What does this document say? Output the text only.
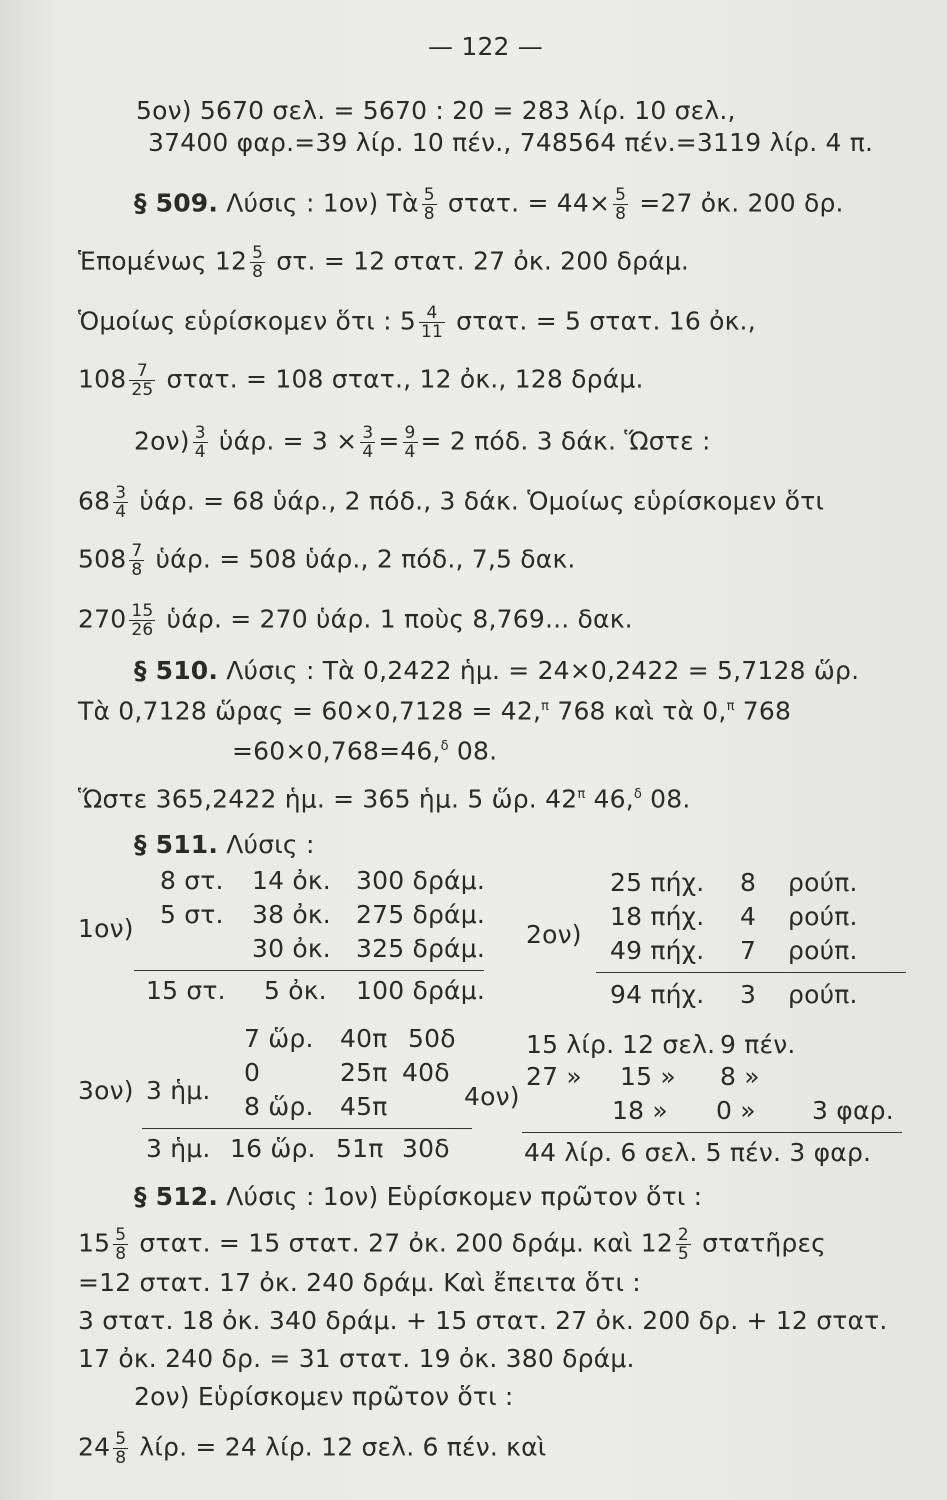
— 122 —
5ον) 5670 σελ. = 5670 : 20 = 283 λίρ. 10 σελ.,
37400 φαρ.=39 λίρ. 10 πέν., 748564 πέν.=3119 λίρ. 4 π.
§ 509. Λύσις : 1ον) Τὰ $\frac{5}{8} \sigma\tau\alpha\tau$. = $44\times \frac{5}{8} =27$ ὀκ. 200 δρ.
Ἑπομένως $12 \frac{5}{8} \sigma\tau$. = 12 στατ. 27 ὀκ. 200 δράμ.
Ὁμοίως εὑρίσκομεν ὅτι : $5 \frac{4}{11} \sigma\tau\alpha\tau$. = 5 στατ. 16 ὀκ.,
$108 \frac{7}{25} \sigma\tau\alpha\tau$. = 108 στατ., 12 ὀκ., 128 δράμ.
$2o\nu) \frac{3}{4}$ ὑάρ. = $3 \times \frac{3}{4} = \frac{9}{4} = 2$ πόδ. 3 δάκ. Ὥστε :
$68 \frac{3}{4}$ ὑάρ. = 68 ὑάρ., 2 πόδ., 3 δάκ. Ὁμοίως εὑρίσκομεν ὅτι
$508 \frac{7}{8}$ ὑάρ. = 508 ὑάρ., 2 πόδ., 7,5 δακ.
$270 \frac{15}{26}$ ὑάρ. = 270 ὑάρ. 1 ποὺς 8,769... δακ.
§ 510. Λύσις : Τὰ 0,2422 ἡμ. = 24×0,2422 = 5,7128 ὥρ.
Τὰ 0,7128 ὥρας = 60×0,7128 = 42,$^\pi$ 768 καὶ τὰ 0,$^\pi$ 768
=60×0,768=46,$^\delta$ 08.
Ὥστε 365,2422 ἡμ. = 365 ἡμ. 5 ὥρ. $42^\pi$ 46,$^\delta$ 08.
§ 511. Λύσις :
1ον)
8 στ. 14 ὀκ. 300 δράμ.
5 στ. 38 ὀκ. 275 δράμ.
30 ὀκ. 325 δράμ.
15 στ. 5 ὀκ. 100 δράμ.
2ον)
25 πήχ. 8 ρούπ.
18 πήχ. 4 ρούπ.
49 πήχ. 7 ρούπ.
94 πήχ. 3 ρούπ.
3ον) 3 ἡμ.
7 ὥρ. 40π 50δ
0	25π 40δ
8 ὥρ. 45π
3 ἡμ. 16 ὥρ. 51π 30δ
4ον)
15 λίρ. 12 σελ. 9 πέν.
27 » 15 » 8 »
18 » 0 » 3 φαρ.
44 λίρ. 6 σελ. 5 πέν. 3 φαρ.
§ 512. Λύσις : 1ον) Εὑρίσκομεν πρῶτον ὅτι :
$15 \frac{5}{8} \sigma\tau\alpha\tau$. = 15 στατ. 27 ὀκ. 200 δράμ. καὶ $12 \frac{2}{5}$ στατῆρες
=12 στατ. 17 ὀκ. 240 δράμ. Καὶ ἔπειτα ὅτι :
3 στατ. 18 ὀκ. 340 δράμ. + 15 στατ. 27 ὀκ. 200 δρ. + 12 στατ.
17 ὀκ. 240 δρ. = 31 στατ. 19 ὀκ. 380 δράμ.
2ον) Εὑρίσκομεν πρῶτον ὅτι :
$24 \frac{5}{8} \lambda ί\rho$. = 24 λίρ. 12 σελ. 6 πέν. καὶ
